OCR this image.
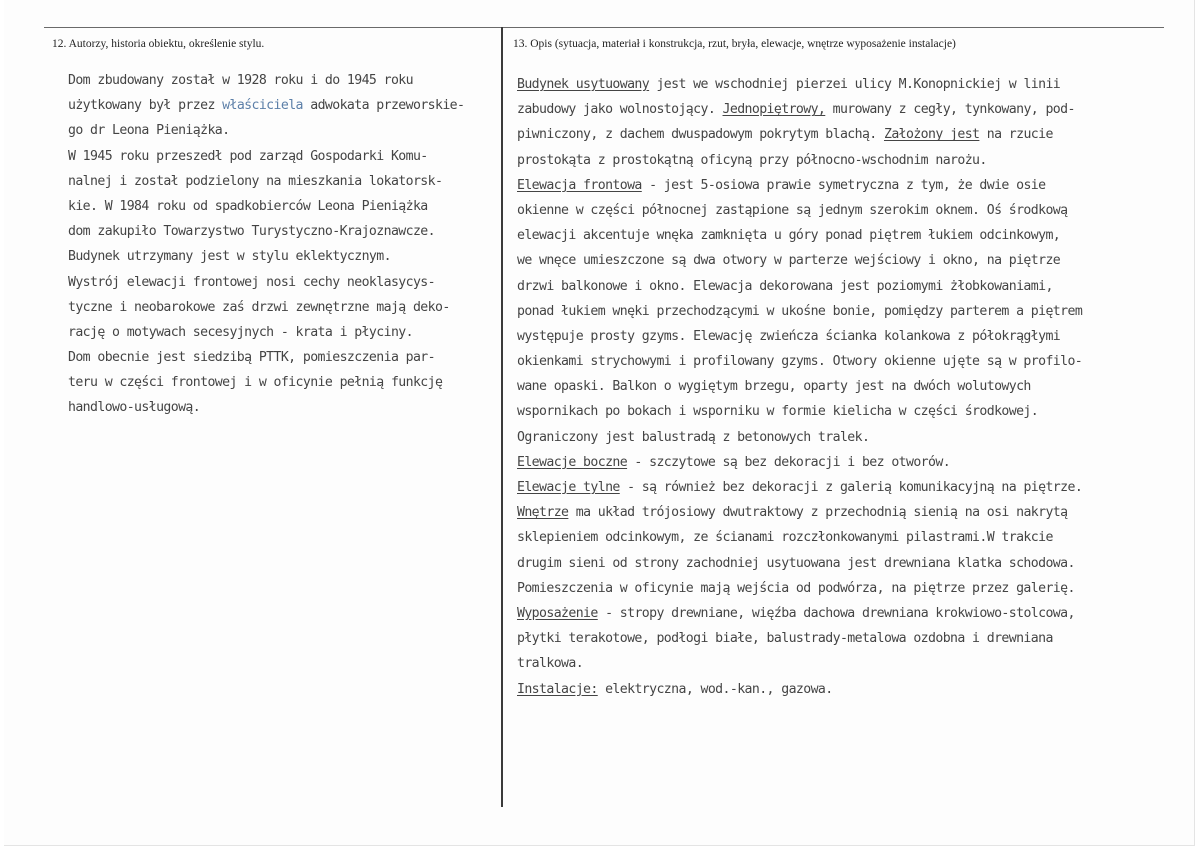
12. Autorzy, historia obiektu, określenie stylu.	13. Opis (sytuacja, materiał i konstrukcja, rzut, bryła, elewacje, wnętrze wyposażenie instalacje)
Dom zbudowany został w 1928 roku i do 1945 roku
użytkowany był przez właściciela adwokata przeworskie-
go dr Leona Pieniążka.
W 1945 roku przeszedł pod zarząd Gospodarki Komu-
nalnej i został podzielony na mieszkania lokatorsk-
kie. W 1984 roku od spadkobierców Leona Pieniążka
dom zakupiło Towarzystwo Turystyczno-Krajoznawcze.
Budynek utrzymany jest w stylu eklektycznym.
Wystrój elewacji frontowej nosi cechy neoklasycys-
tyczne i neobarokowe zaś drzwi zewnętrzne mają deko-
rację o motywach secesyjnych - krata i płyciny.
Dom obecnie jest siedzibą PTTK, pomieszczenia par-
teru w części frontowej i w oficynie pełnią funkcję
handlowo-usługową.
Budynek usytuowany jest we wschodniej pierzei ulicy M.Konopnickiej w linii
zabudowy jako wolnostojący. Jednopiętrowy, murowany z cegły, tynkowany, pod-
piwniczony, z dachem dwuspadowym pokrytym blachą. Założony jest na rzucie
prostokąta z prostokątną oficyną przy północno-wschodnim narożu.
Elewacja frontowa - jest 5-osiowa prawie symetryczna z tym, że dwie osie
okienne w części północnej zastąpione są jednym szerokim oknem. Oś środkową
elewacji akcentuje wnęka zamknięta u góry ponad piętrem łukiem odcinkowym,
we wnęce umieszczone są dwa otwory w parterze wejściowy i okno, na piętrze
drzwi balkonowe i okno. Elewacja dekorowana jest poziomymi żłobkowaniami,
ponad łukiem wnęki przechodzącymi w ukośne bonie, pomiędzy parterem a piętrem
występuje prosty gzyms. Elewację zwieńcza ścianka kolankowa z półokrągłymi
okienkami strychowymi i profilowany gzyms. Otwory okienne ujęte są w profilo-
wane opaski. Balkon o wygiętym brzegu, oparty jest na dwóch wolutowych
wspornikach po bokach i wsporniku w formie kielicha w części środkowej.
Ograniczony jest balustradą z betonowych tralek.
Elewacje boczne - szczytowe są bez dekoracji i bez otworów.
Elewacje tylne - są również bez dekoracji z galerią komunikacyjną na piętrze.
Wnętrze ma układ trójosiowy dwutraktowy z przechodnią sienią na osi nakrytą
sklepieniem odcinkowym, ze ścianami rozczłonkowanymi pilastrami.W trakcie
drugim sieni od strony zachodniej usytuowana jest drewniana klatka schodowa.
Pomieszczenia w oficynie mają wejścia od podwórza, na piętrze przez galerię.
Wyposażenie - stropy drewniane, więźba dachowa drewniana krokwiowo-stolcowa,
płytki terakotowe, podłogi białe, balustrady-metalowa ozdobna i drewniana
tralkowa.
Instalacje: elektryczna, wod.-kan., gazowa.
